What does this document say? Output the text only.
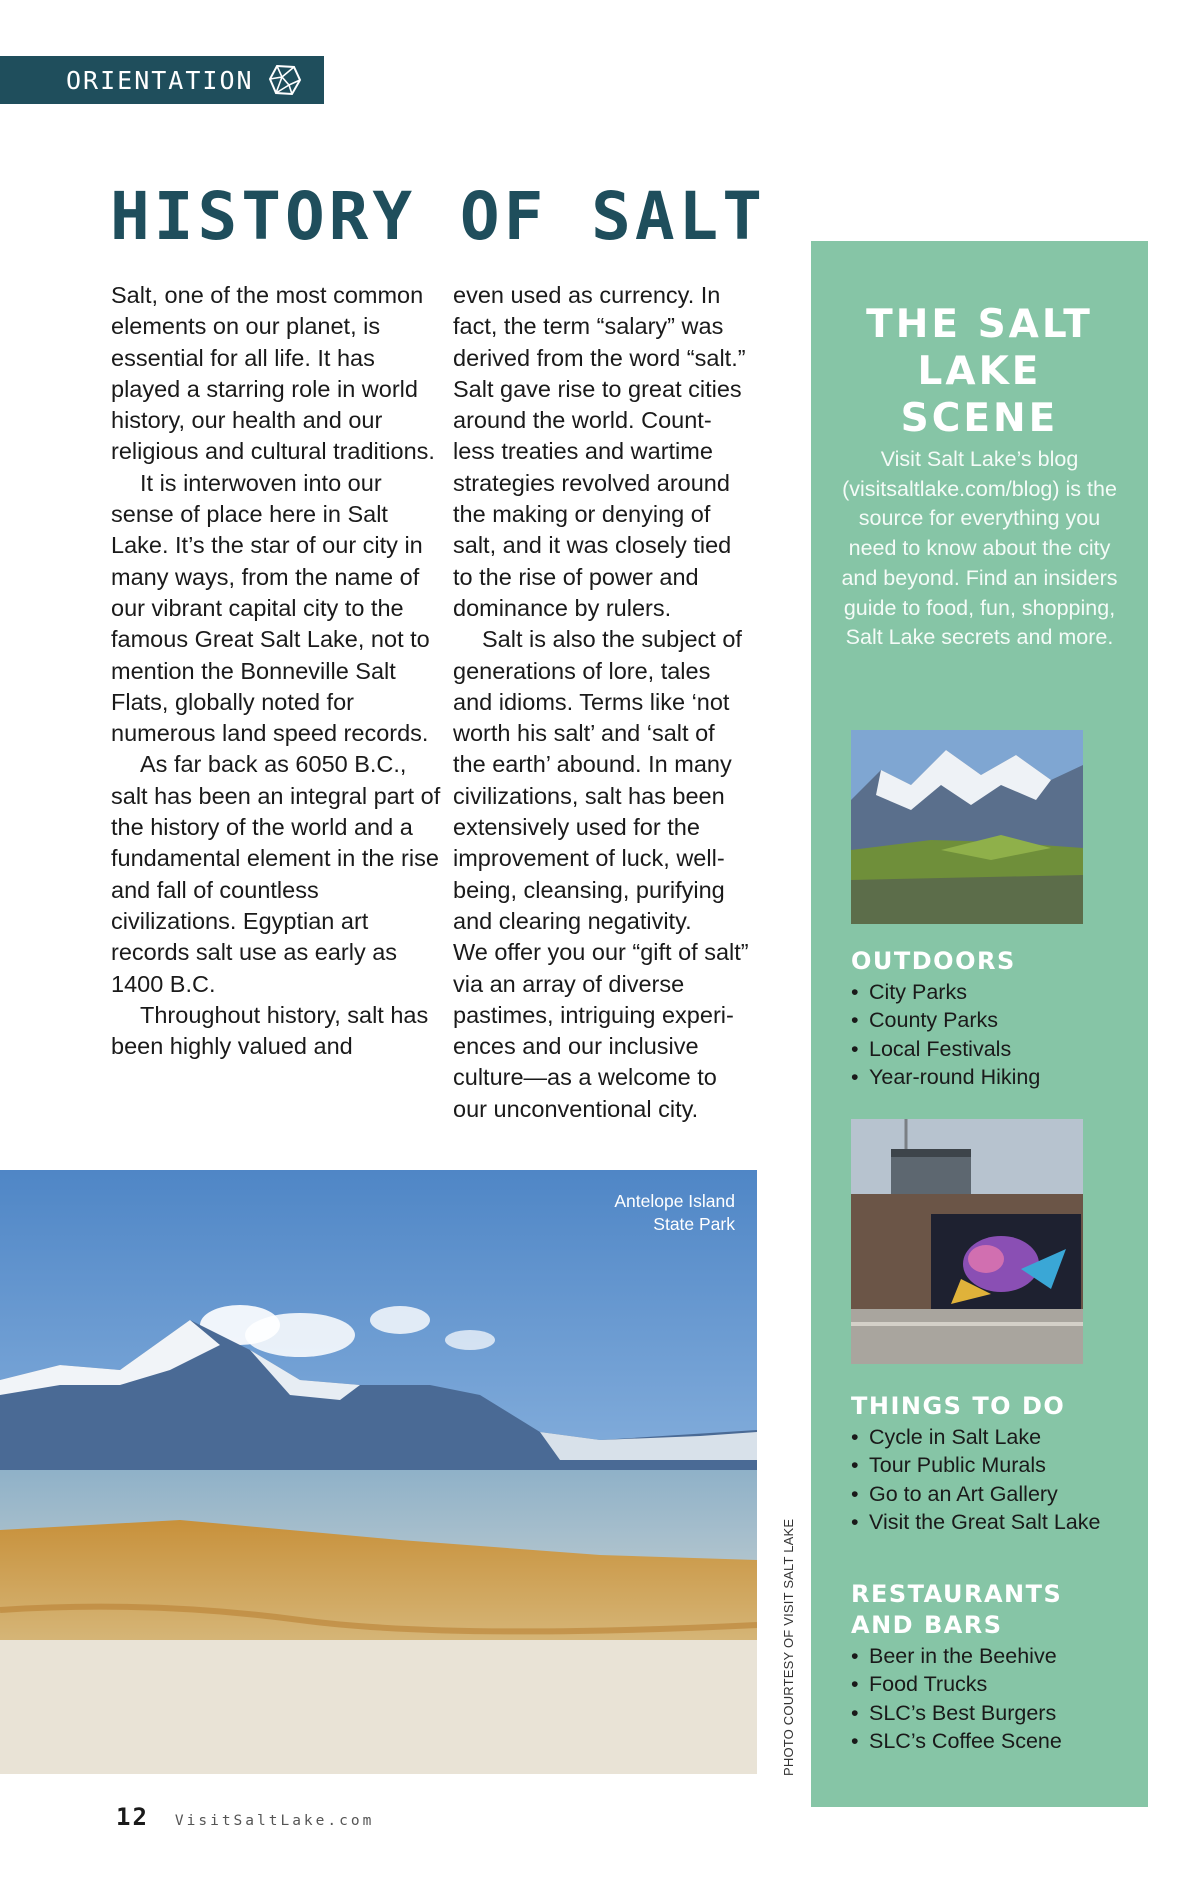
ORIENTATION
HISTORY OF SALT

Salt, one of the most common elements on our planet, is essential for all life. It has played a starring role in world history, our health and our religious and cultural traditions.

It is interwoven into our sense of place here in Salt Lake. It’s the star of our city in many ways, from the name of our vibrant capital city to the famous Great Salt Lake, not to mention the Bonneville Salt Flats, globally noted for numerous land speed records.

As far back as 6050 B.C., salt has been an integral part of the history of the world and a fundamental element in the rise and fall of countless civilizations. Egyptian art records salt use as early as 1400 B.C.

Throughout history, salt has been highly valued and

even used as currency. In fact, the term “salary” was derived from the word “salt.” Salt gave rise to great cities around the world. Count-less treaties and wartime strategies revolved around the making or denying of salt, and it was closely tied to the rise of power and dominance by rulers.

Salt is also the subject of generations of lore, tales and idioms. Terms like ‘not worth his salt’ and ‘salt of the earth’ abound. In many civilizations, salt has been extensively used for the improvement of luck, well-being, cleansing, purifying and clearing negativity.

We offer you our “gift of salt” via an array of diverse pastimes, intriguing experi-ences and our inclusive culture—as a welcome to our unconventional city.

Antelope Island
State Park
PHOTO COURTESY OF VISIT SALT LAKE
THE SALT
LAKE
SCENE

Visit Salt Lake’s blog (visitsaltlake.com/blog) is the source for everything you need to know about the city and beyond. Find an insiders guide to food, fun, shopping, Salt Lake secrets and more.

OUTDOORS
• City Parks
• County Parks
• Local Festivals
• Year-round Hiking
THINGS TO DO
• Cycle in Salt Lake
• Tour Public Murals
• Go to an Art Gallery
• Visit the Great Salt Lake
RESTAURANTS
AND BARS
• Beer in the Beehive
• Food Trucks
• SLC’s Best Burgers
• SLC’s Coffee Scene
12 VisitSaltLake.com
